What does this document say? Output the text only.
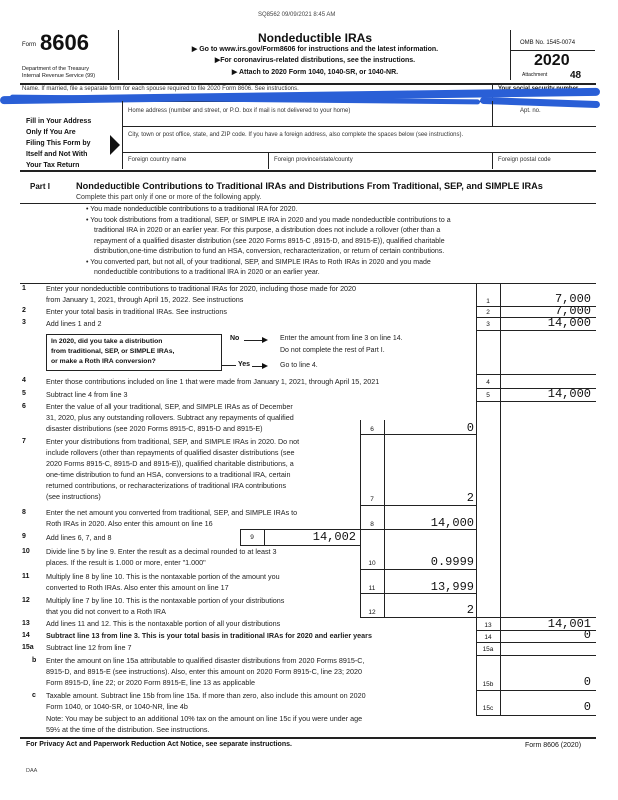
SQ8562 09/09/2021 8:45 AM
Form 8606
Department of the Treasury
Internal Revenue Service (99)
Nondeductible IRAs
▶ Go to www.irs.gov/Form8606 for instructions and the latest information.
▶For coronavirus-related distributions, see the instructions.
▶ Attach to 2020 Form 1040, 1040-SR, or 1040-NR.
OMB No. 1545-0074
2020
Attachment 48
Name. If married, file a separate form for each spouse required to file 2020 Form 8606. See instructions.
Fill in Your Address
Only If You Are
Filing This Form by
Itself and Not With
Your Tax Return
Home address (number and street, or P.O. box if mail is not delivered to your home)	Apt. no.
City, town or post office, state, and ZIP code. If you have a foreign address, also complete the spaces below (see instructions).
Foreign country name	Foreign province/state/county	Foreign postal code
Part I	Nondeductible Contributions to Traditional IRAs and Distributions From Traditional, SEP, and SIMPLE IRAs
Complete this part only if one or more of the following apply.
• You made nondeductible contributions to a traditional IRA for 2020.
• You took distributions from a traditional, SEP, or SIMPLE IRA in 2020 and you made nondeductible contributions to a
traditional IRA in 2020 or an earlier year. For this purpose, a distribution does not include a rollover (other than a
repayment of a qualified disaster distribution (see 2020 Forms 8915-C ,8915-D, and 8915-E)), qualified charitable
distribution,one-time distribution to fund an HSA, conversion, recharacterization, or return of certain contributions.
• You converted part, but not all, of your traditional, SEP, and SIMPLE IRAs to Roth IRAs in 2020 and you made
nondeductible contributions to a traditional IRA in 2020 or an earlier year.
1	Enter your nondeductible contributions to traditional IRAs for 2020, including those made for 2020
from January 1, 2021, through April 15, 2022. See instructions	1	7,000
2	Enter your total basis in traditional IRAs. See instructions	2	7,000
3	Add lines 1 and 2	3	14,000
In 2020, did you take a distribution
from traditional, SEP, or SIMPLE IRAs,
or make a Roth IRA conversion?
No	Enter the amount from line 3 on line 14.
Do not complete the rest of Part I.
Yes	Go to line 4.
4	Enter those contributions included on line 1 that were made from January 1, 2021, through April 15, 2021	4
5	Subtract line 4 from line 3	5	14,000
6	Enter the value of all your traditional, SEP, and SIMPLE IRAs as of December
31, 2020, plus any outstanding rollovers. Subtract any repayments of qualified
disaster distributions (see 2020 Forms 8915-C, 8915-D and 8915-E)	6	0
7	Enter your distributions from traditional, SEP, and SIMPLE IRAs in 2020. Do not
include rollovers (other than repayments of qualified disaster distributions (see
2020 Forms 8915-C, 8915-D and 8915-E)), qualified charitable distributions, a
one-time distribution to fund an HSA, conversions to a traditional IRA, certain
returned contributions, or recharacterizations of traditional IRA contributions
(see instructions)	7	2
8	Enter the net amount you converted from traditional, SEP, and SIMPLE IRAs to
Roth IRAs in 2020. Also enter this amount on line 16	8	14,000
9	Add lines 6, 7, and 8	9	14,002
10 Divide line 5 by line 9. Enter the result as a decimal rounded to at least 3
places. If the result is 1.000 or more, enter "1.000"	10	0.9999
11 Multiply line 8 by line 10. This is the nontaxable portion of the amount you
converted to Roth IRAs. Also enter this amount on line 17	11	13,999
12 Multiply line 7 by line 10. This is the nontaxable portion of your distributions
that you did not convert to a Roth IRA	12	2
13 Add lines 11 and 12. This is the nontaxable portion of all your distributions	13	14,001
14 Subtract line 13 from line 3. This is your total basis in traditional IRAs for 2020 and earlier years	14	0
15a Subtract line 12 from line 7	15a
b Enter the amount on line 15a attributable to qualified disaster distributions from 2020 Forms 8915-C,
8915-D, and 8915-E (see instructions). Also, enter this amount on 2020 Form 8915-C, line 23; 2020
Form 8915-D, line 22; or 2020 Form 8915-E, line 13 as applicable	15b	0
c Taxable amount. Subtract line 15b from line 15a. If more than zero, also include this amount on 2020
Form 1040, or 1040-SR, or 1040-NR, line 4b	15c	0
Note: You may be subject to an additional 10% tax on the amount on line 15c if you were under age
59½ at the time of the distribution. See instructions.
For Privacy Act and Paperwork Reduction Act Notice, see separate instructions.	Form 8606 (2020)
DAA
